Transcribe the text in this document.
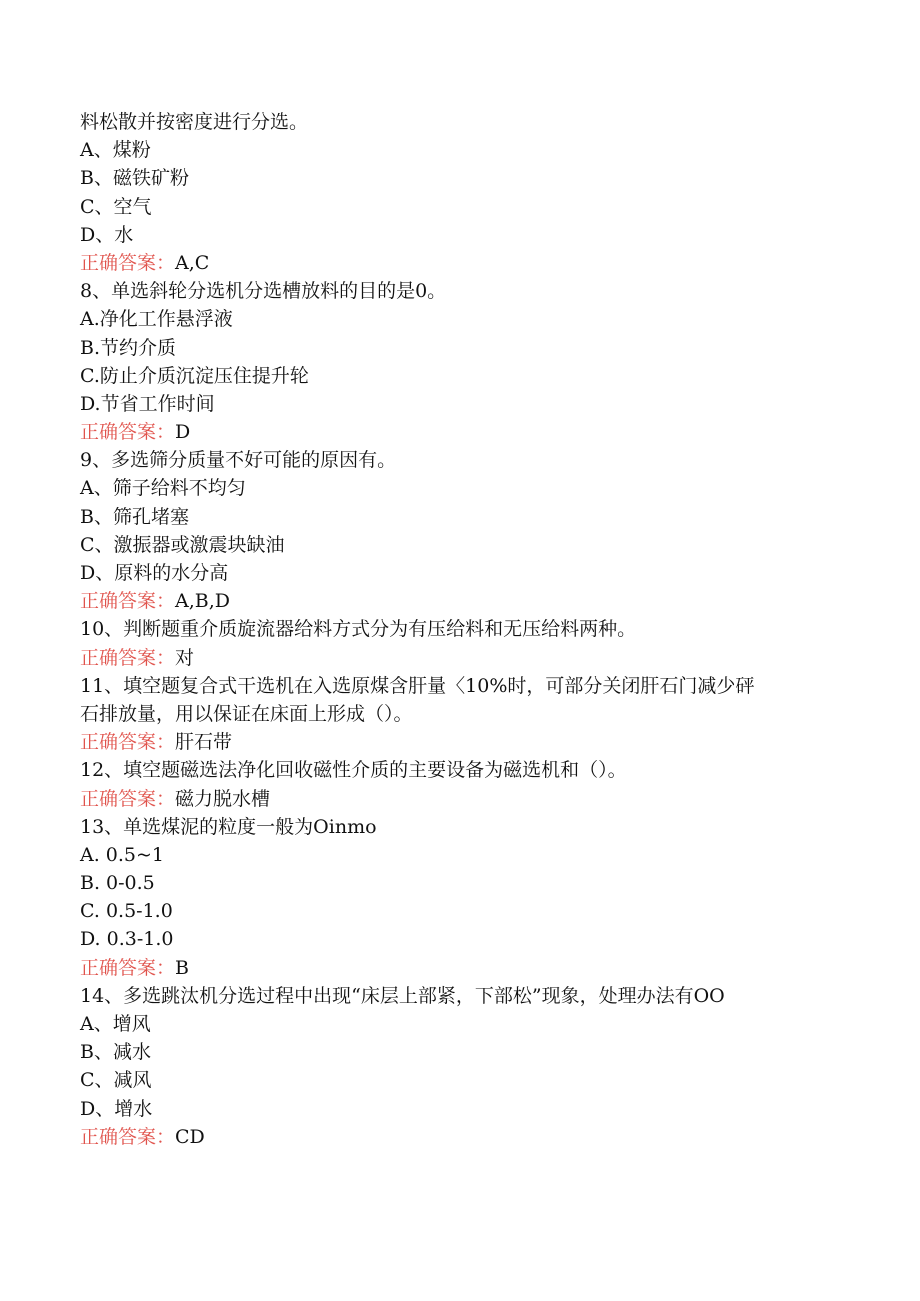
料松散并按密度进行分选。
A、煤粉
B、磁铁矿粉
C、空气
D、水
正确答案：A,C
8、单选斜轮分选机分选槽放料的目的是0。
A.净化工作悬浮液
B.节约介质
C.防止介质沉淀压住提升轮
D.节省工作时间
正确答案：D
9、多选筛分质量不好可能的原因有。
A、筛子给料不均匀
B、筛孔堵塞
C、激振器或激震块缺油
D、原料的水分高
正确答案：A,B,D
10、判断题重介质旋流器给料方式分为有压给料和无压给料两种。
正确答案：对
11、填空题复合式干选机在入选原煤含肝量〈10%时，可部分关闭肝石门减少砰
石排放量，用以保证在床面上形成（）。
正确答案：肝石带
12、填空题磁选法净化回收磁性介质的主要设备为磁选机和（）。
正确答案：磁力脱水槽
13、单选煤泥的粒度一般为Oinmo
A. 0.5~1
B. 0-0.5
C. 0.5-1.0
D. 0.3-1.0
正确答案：B
14、多选跳汰机分选过程中出现“床层上部紧，下部松”现象，处理办法有OO
A、增风
B、减水
C、减风
D、增水
正确答案：CD
